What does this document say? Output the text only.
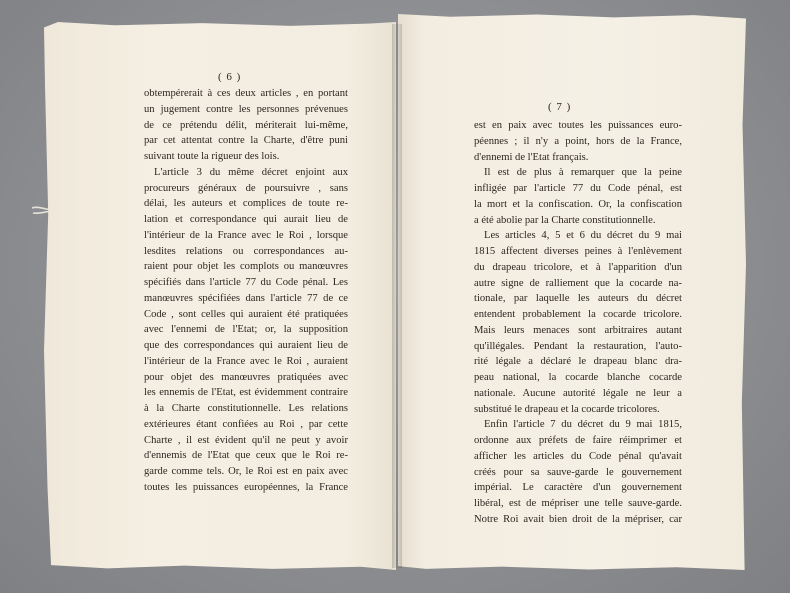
( 6 )
obtempérerait à ces deux articles , en portant
un jugement contre les personnes prévenues
de ce prétendu délit, mériterait lui-même,
par cet attentat contre la Charte, d'être puni
suivant toute la rigueur des lois.
L'article 3 du même décret enjoint aux
procureurs généraux de poursuivre , sans
délai, les auteurs et complices de toute re-
lation et correspondance qui aurait lieu de
l'intérieur de la France avec le Roi , lorsque
lesdites relations ou correspondances au-
raient pour objet les complots ou manœuvres
spécifiés dans l'article 77 du Code pénal. Les
manœuvres spécifiées dans l'article 77 de ce
Code , sont celles qui auraient été pratiquées
avec l'ennemi de l'Etat; or, la supposition
que des correspondances qui auraient lieu de
l'intérieur de la France avec le Roi , auraient
pour objet des manœuvres pratiquées avec
les ennemis de l'Etat, est évidemment contraire
à la Charte constitutionnelle. Les relations
extérieures étant confiées au Roi , par cette
Charte , il est évident qu'il ne peut y avoir
d'ennemis de l'Etat que ceux que le Roi re-
garde comme tels. Or, le Roi est en paix avec
toutes les puissances européennes, la France
( 7 )
est en paix avec toutes les puissances euro-
péennes ; il n'y a point, hors de la France,
d'ennemi de l'Etat français.
Il est de plus à remarquer que la peine
infligée par l'article 77 du Code pénal, est
la mort et la confiscation. Or, la confiscation
a été abolie par la Charte constitutionnelle.
Les articles 4, 5 et 6 du décret du 9 mai
1815 affectent diverses peines à l'enlèvement
du drapeau tricolore, et à l'apparition d'un
autre signe de ralliement que la cocarde na-
tionale, par laquelle les auteurs du décret
entendent probablement la cocarde tricolore.
Mais leurs menaces sont arbitraires autant
qu'illégales. Pendant la restauration, l'auto-
rité légale a déclaré le drapeau blanc dra-
peau national, la cocarde blanche cocarde
nationale. Aucune autorité légale ne leur a
substitué le drapeau et la cocarde tricolores.
Enfin l'article 7 du décret du 9 mai 1815,
ordonne aux préfets de faire réimprimer et
afficher les articles du Code pénal qu'avait
créés pour sa sauve-garde le gouvernement
impérial. Le caractère d'un gouvernement
libéral, est de mépriser une telle sauve-garde.
Notre Roi avait bien droit de la mépriser, car
